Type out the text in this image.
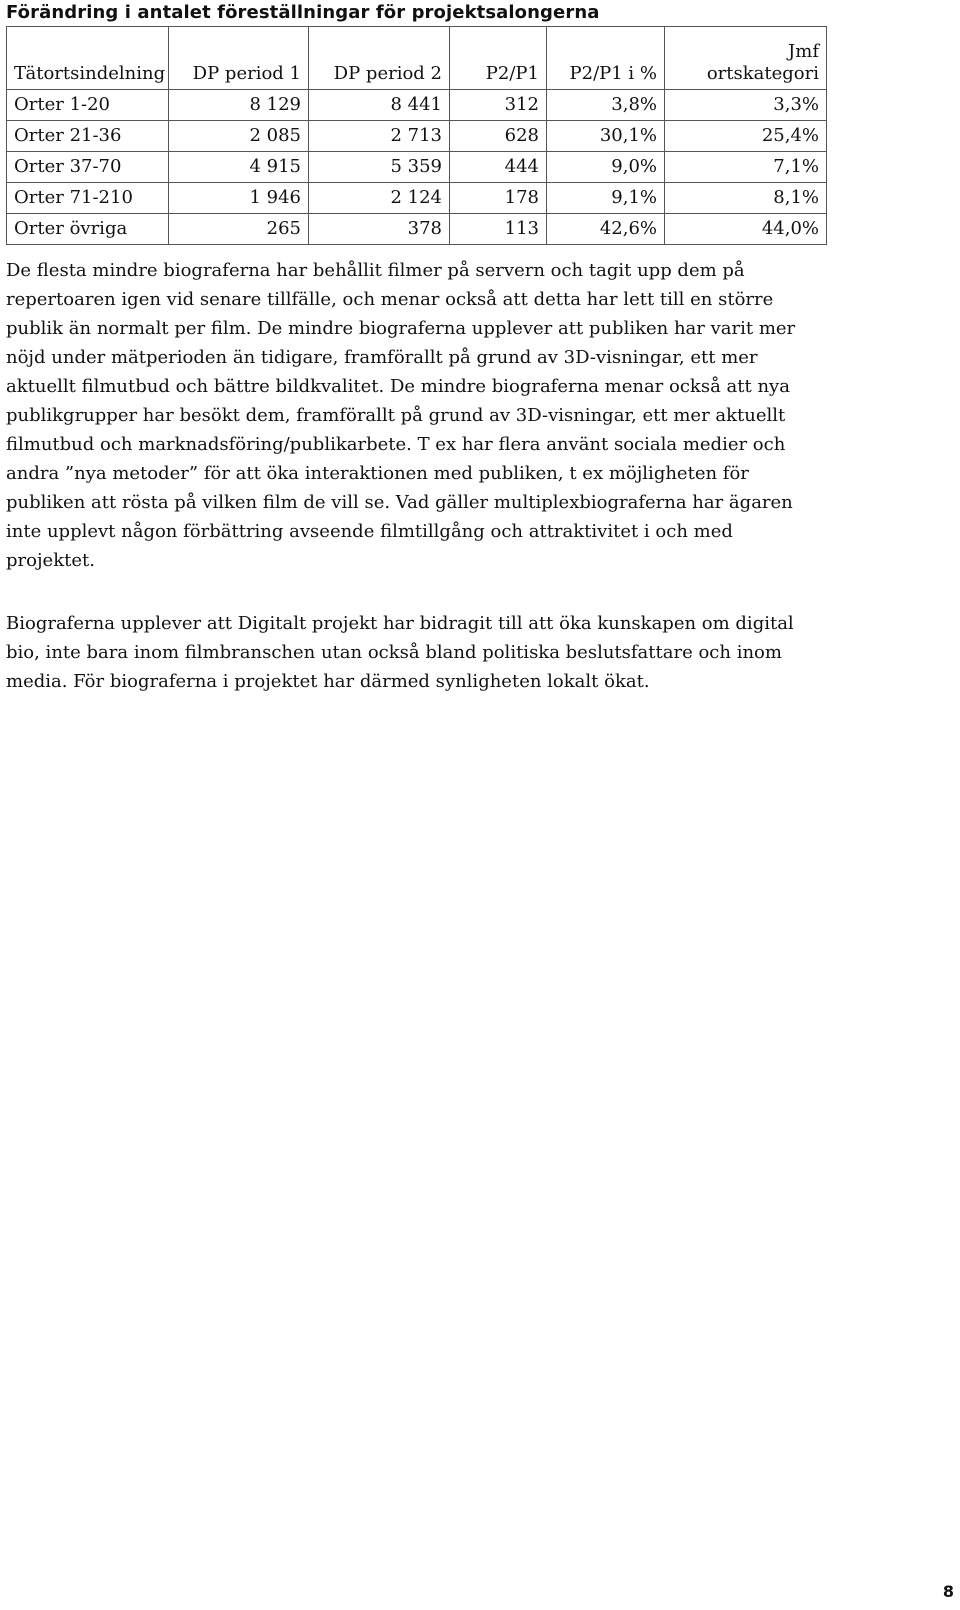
Förändring i antalet föreställningar för projektsalongerna
Tätortsindelning	DP period 1	DP period 2	P2/P1	P2/P1 i %	Jmf
ortskategori

Orter 1-20	8 129	8 441	312	3,8%	3,3%
Orter 21-36	2 085	2 713	628	30,1%	25,4%
Orter 37-70	4 915	5 359	444	9,0%	7,1%
Orter 71-210	1 946	2 124	178	9,1%	8,1%
Orter övriga	265	378	113	42,6%	44,0%

De flesta mindre biograferna har behållit filmer på servern och tagit upp dem på
repertoaren igen vid senare tillfälle, och menar också att detta har lett till en större
publik än normalt per film. De mindre biograferna upplever att publiken har varit mer
nöjd under mätperioden än tidigare, framförallt på grund av 3D-visningar, ett mer
aktuellt filmutbud och bättre bildkvalitet. De mindre biograferna menar också att nya
publikgrupper har besökt dem, framförallt på grund av 3D-visningar, ett mer aktuellt
filmutbud och marknadsföring/publikarbete. T ex har flera använt sociala medier och
andra ”nya metoder” för att öka interaktionen med publiken, t ex möjligheten för
publiken att rösta på vilken film de vill se. Vad gäller multiplexbiograferna har ägaren
inte upplevt någon förbättring avseende filmtillgång och attraktivitet i och med
projektet.

Biograferna upplever att Digitalt projekt har bidragit till att öka kunskapen om digital
bio, inte bara inom filmbranschen utan också bland politiska beslutsfattare och inom
media. För biograferna i projektet har därmed synligheten lokalt ökat.

8
